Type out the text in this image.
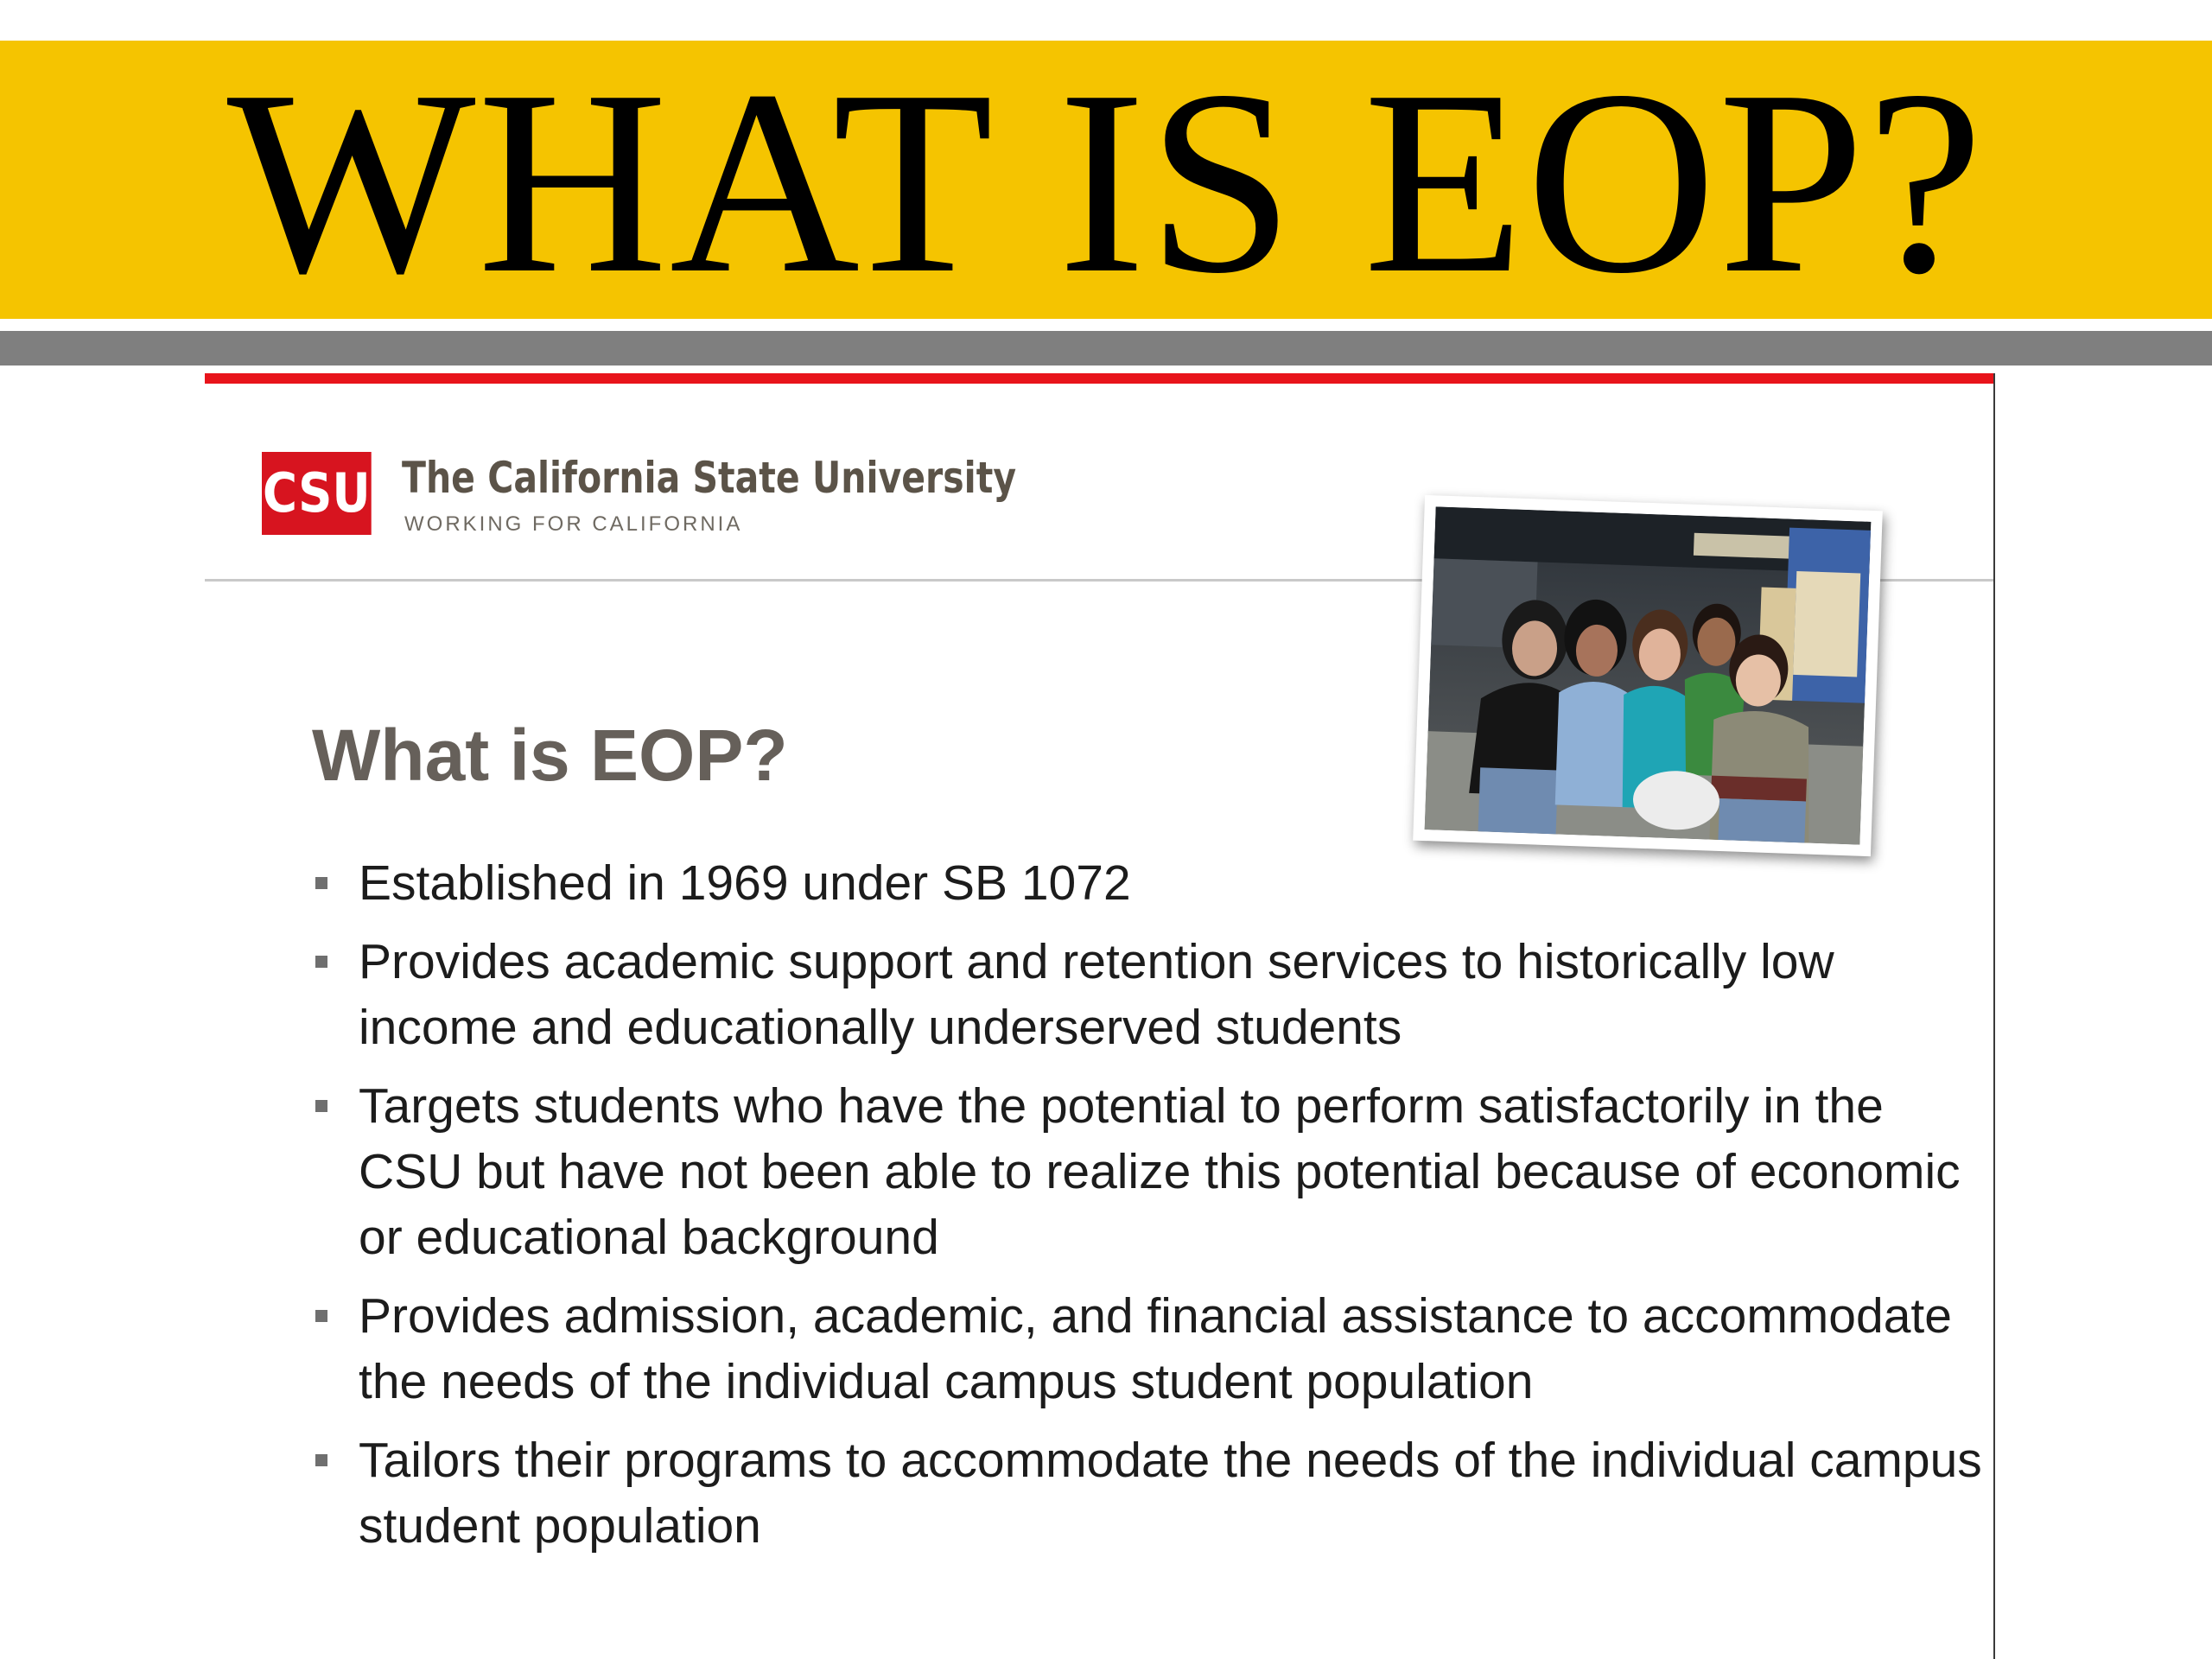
WHAT IS EOP?
CSU The California State University
WORKING FOR CALIFORNIA
What is EOP?
Established in 1969 under SB 1072
Provides academic support and retention services to historically low income and educationally underserved students
Targets students who have the potential to perform satisfactorily in the CSU but have not been able to realize this potential because of economic or educational background
Provides admission, academic, and financial assistance to accommodate the needs of the individual campus student population
Tailors their programs to accommodate the needs of the individual campus student population
